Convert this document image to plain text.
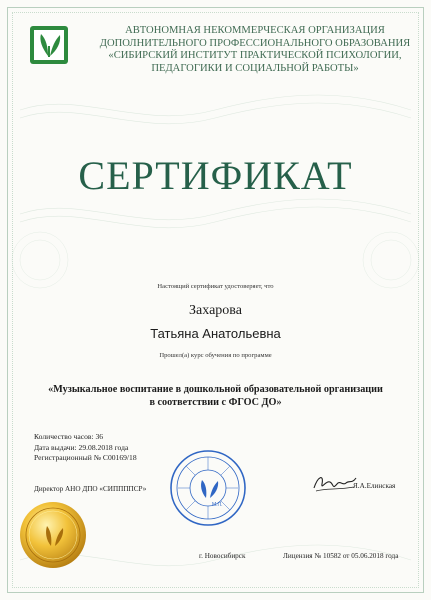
АВТОНОМНАЯ НЕКОММЕРЧЕСКАЯ ОРГАНИЗАЦИЯ
ДОПОЛНИТЕЛЬНОГО ПРОФЕССИОНАЛЬНОГО ОБРАЗОВАНИЯ
«СИБИРСКИЙ ИНСТИТУТ ПРАКТИЧЕСКОЙ ПСИХОЛОГИИ,
ПЕДАГОГИКИ И СОЦИАЛЬНОЙ РАБОТЫ»
СЕРТИФИКАТ
Настоящий сертификат удостоверяет, что
Захарова
Татьяна Анатольевна
Прошел(а) курс обучения по программе
«Музыкальное воспитание в дошкольной образовательной организации
в соответствии с ФГОС ДО»
Количество часов: 36
Дата выдачи: 29.08.2018 года
Регистрационный № С00169/18
Директор АНО ДПО «СИППППСР»
М.П.
Я.А.Елинская
г. Новосибирск	Лицензия № 10582 от 05.06.2018 года
